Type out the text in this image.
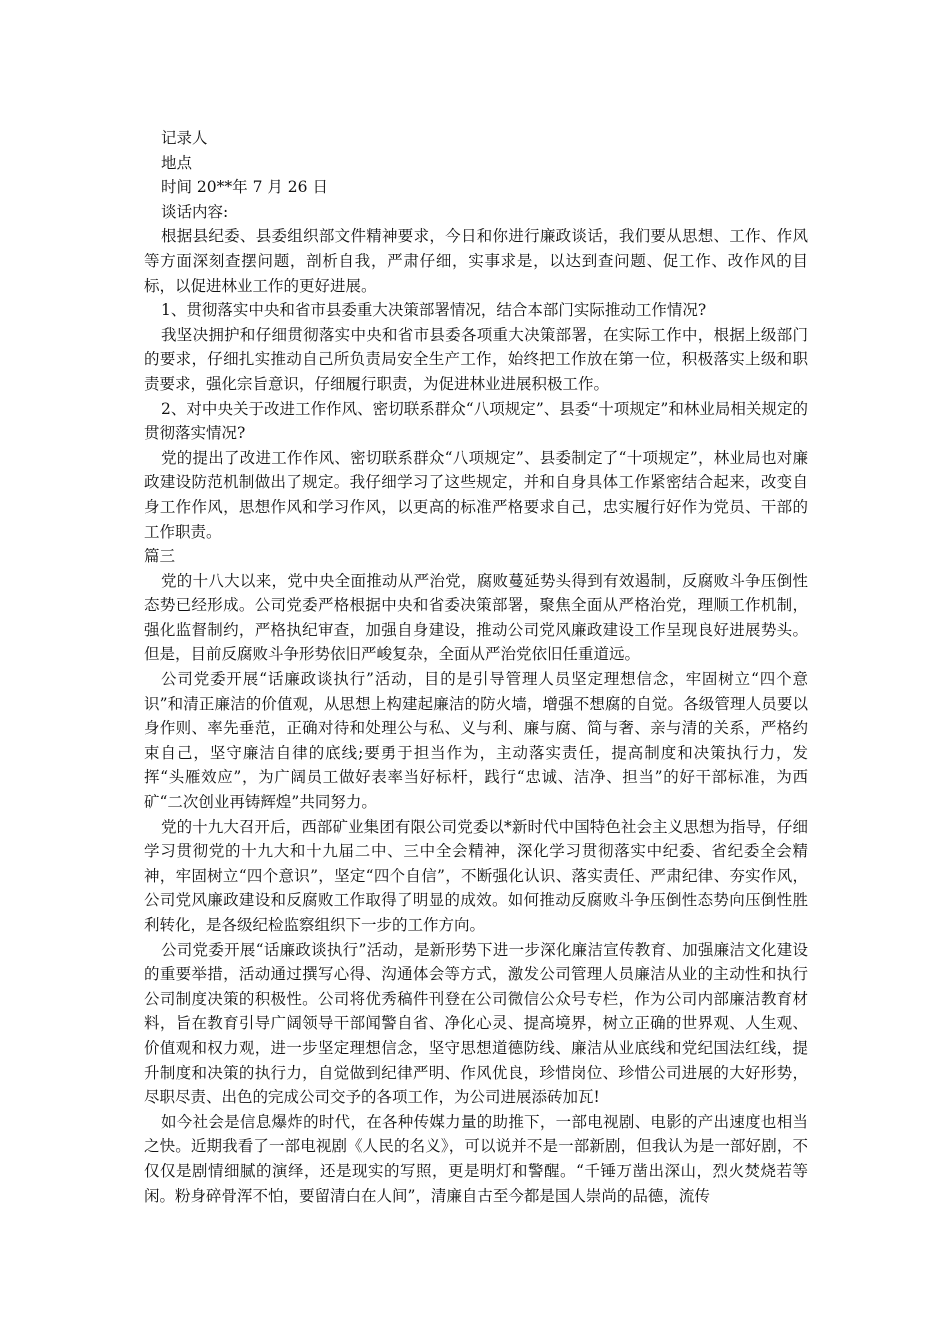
记录人
地点
时间 20**年 7 月 26 日
谈话内容:

根据县纪委、县委组织部文件精神要求，今日和你进行廉政谈话，我们要从思想、工作、作风等方面深刻查摆问题，剖析自我，严肃仔细，实事求是，以达到查问题、促工作、改作风的目标，以促进林业工作的更好进展。

1、贯彻落实中央和省市县委重大决策部署情况，结合本部门实际推动工作情况?

我坚决拥护和仔细贯彻落实中央和省市县委各项重大决策部署，在实际工作中，根据上级部门的要求，仔细扎实推动自己所负责局安全生产工作，始终把工作放在第一位，积极落实上级和职责要求，强化宗旨意识，仔细履行职责，为促进林业进展积极工作。

2、对中央关于改进工作作风、密切联系群众“八项规定”、县委“十项规定”和林业局相关规定的贯彻落实情况?

党的提出了改进工作作风、密切联系群众“八项规定”、县委制定了“十项规定”，林业局也对廉政建设防范机制做出了规定。我仔细学习了这些规定，并和自身具体工作紧密结合起来，改变自身工作作风，思想作风和学习作风，以更高的标准严格要求自己，忠实履行好作为党员、干部的工作职责。

篇三

党的十八大以来，党中央全面推动从严治党，腐败蔓延势头得到有效遏制，反腐败斗争压倒性态势已经形成。公司党委严格根据中央和省委决策部署，聚焦全面从严格治党，理顺工作机制，强化监督制约，严格执纪审查，加强自身建设，推动公司党风廉政建设工作呈现良好进展势头。但是，目前反腐败斗争形势依旧严峻复杂，全面从严治党依旧任重道远。

公司党委开展“话廉政谈执行”活动，目的是引导管理人员坚定理想信念，牢固树立“四个意识”和清正廉洁的价值观，从思想上构建起廉洁的防火墙，增强不想腐的自觉。各级管理人员要以身作则、率先垂范，正确对待和处理公与私、义与利、廉与腐、简与奢、亲与清的关系，严格约束自己，坚守廉洁自律的底线;要勇于担当作为，主动落实责任，提高制度和决策执行力，发挥“头雁效应”，为广阔员工做好表率当好标杆，践行“忠诚、洁净、担当”的好干部标准，为西矿“二次创业再铸辉煌”共同努力。

党的十九大召开后，西部矿业集团有限公司党委以*新时代中国特色社会主义思想为指导，仔细学习贯彻党的十九大和十九届二中、三中全会精神，深化学习贯彻落实中纪委、省纪委全会精神，牢固树立“四个意识”，坚定“四个自信”，不断强化认识、落实责任、严肃纪律、夯实作风，公司党风廉政建设和反腐败工作取得了明显的成效。如何推动反腐败斗争压倒性态势向压倒性胜利转化，是各级纪检监察组织下一步的工作方向。

公司党委开展“话廉政谈执行”活动，是新形势下进一步深化廉洁宣传教育、加强廉洁文化建设的重要举措，活动通过撰写心得、沟通体会等方式，激发公司管理人员廉洁从业的主动性和执行公司制度决策的积极性。公司将优秀稿件刊登在公司微信公众号专栏，作为公司内部廉洁教育材料，旨在教育引导广阔领导干部闻警自省、净化心灵、提高境界，树立正确的世界观、人生观、价值观和权力观，进一步坚定理想信念，坚守思想道德防线、廉洁从业底线和党纪国法红线，提升制度和决策的执行力，自觉做到纪律严明、作风优良，珍惜岗位、珍惜公司进展的大好形势，尽职尽责、出色的完成公司交予的各项工作，为公司进展添砖加瓦!

如今社会是信息爆炸的时代，在各种传媒力量的助推下，一部电视剧、电影的产出速度也相当之快。近期我看了一部电视剧《人民的名义》，可以说并不是一部新剧，但我认为是一部好剧，不仅仅是剧情细腻的演绎，还是现实的写照，更是明灯和警醒。“千锤万凿出深山，烈火焚烧若等闲。粉身碎骨浑不怕，要留清白在人间”，清廉自古至今都是国人崇尚的品德，流传
